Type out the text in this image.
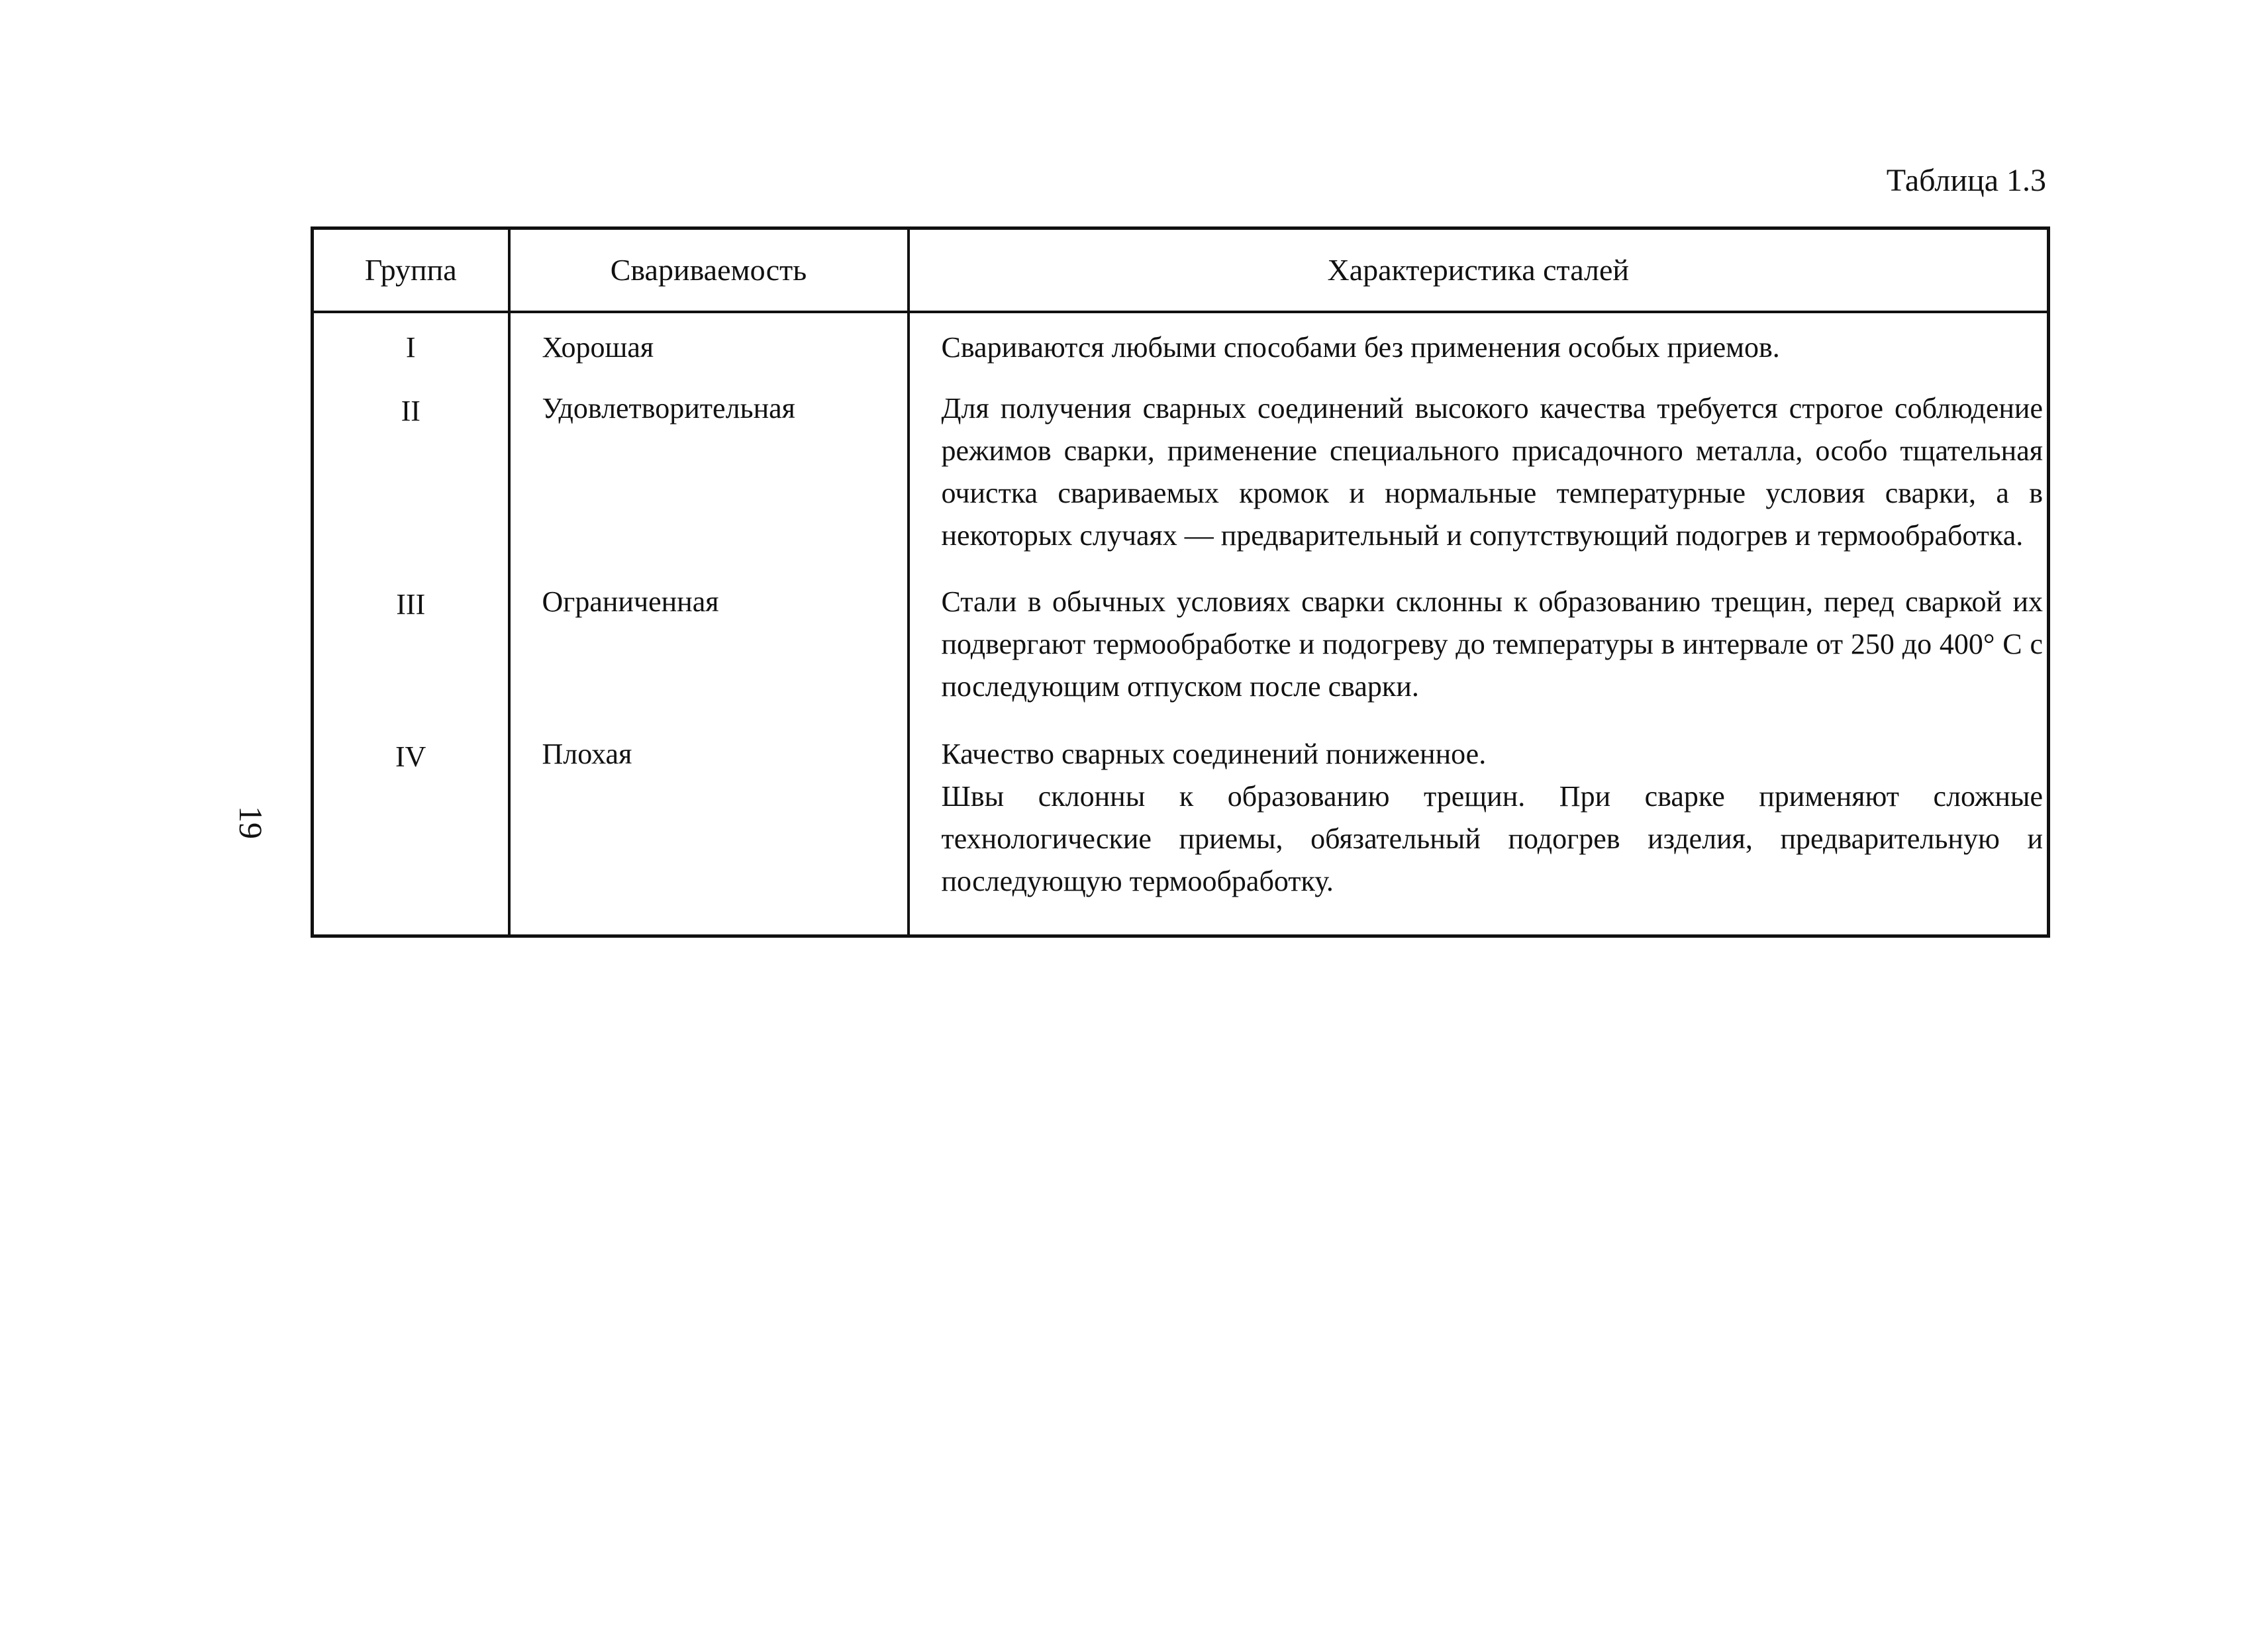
19
Таблица 1.3
Группа	Свариваемость	Характеристика сталей
I	Хорошая	Свариваются любыми способами без применения особых приемов.

II	Удовлетворительная	Для получения сварных соединений высокого качества требуется строгое соблюдение режимов сварки, применение специального присадочного металла, особо тщательная очистка свариваемых кромок и нормальные температурные условия сварки, а в некоторых случаях — предварительный и сопутствующий подогрев и термообработка.

III	Ограниченная	Стали в обычных условиях сварки склонны к образованию трещин, перед сваркой их подвергают термообработке и подогреву до температуры в интервале от 250 до 400° С с последующим отпуском после сварки.

IV	Плохая	Качество сварных соединений пониженное.
Швы склонны к образованию трещин. При сварке применяют сложные технологические приемы, обязательный подогрев изделия, предварительную и последующую термообработку.
